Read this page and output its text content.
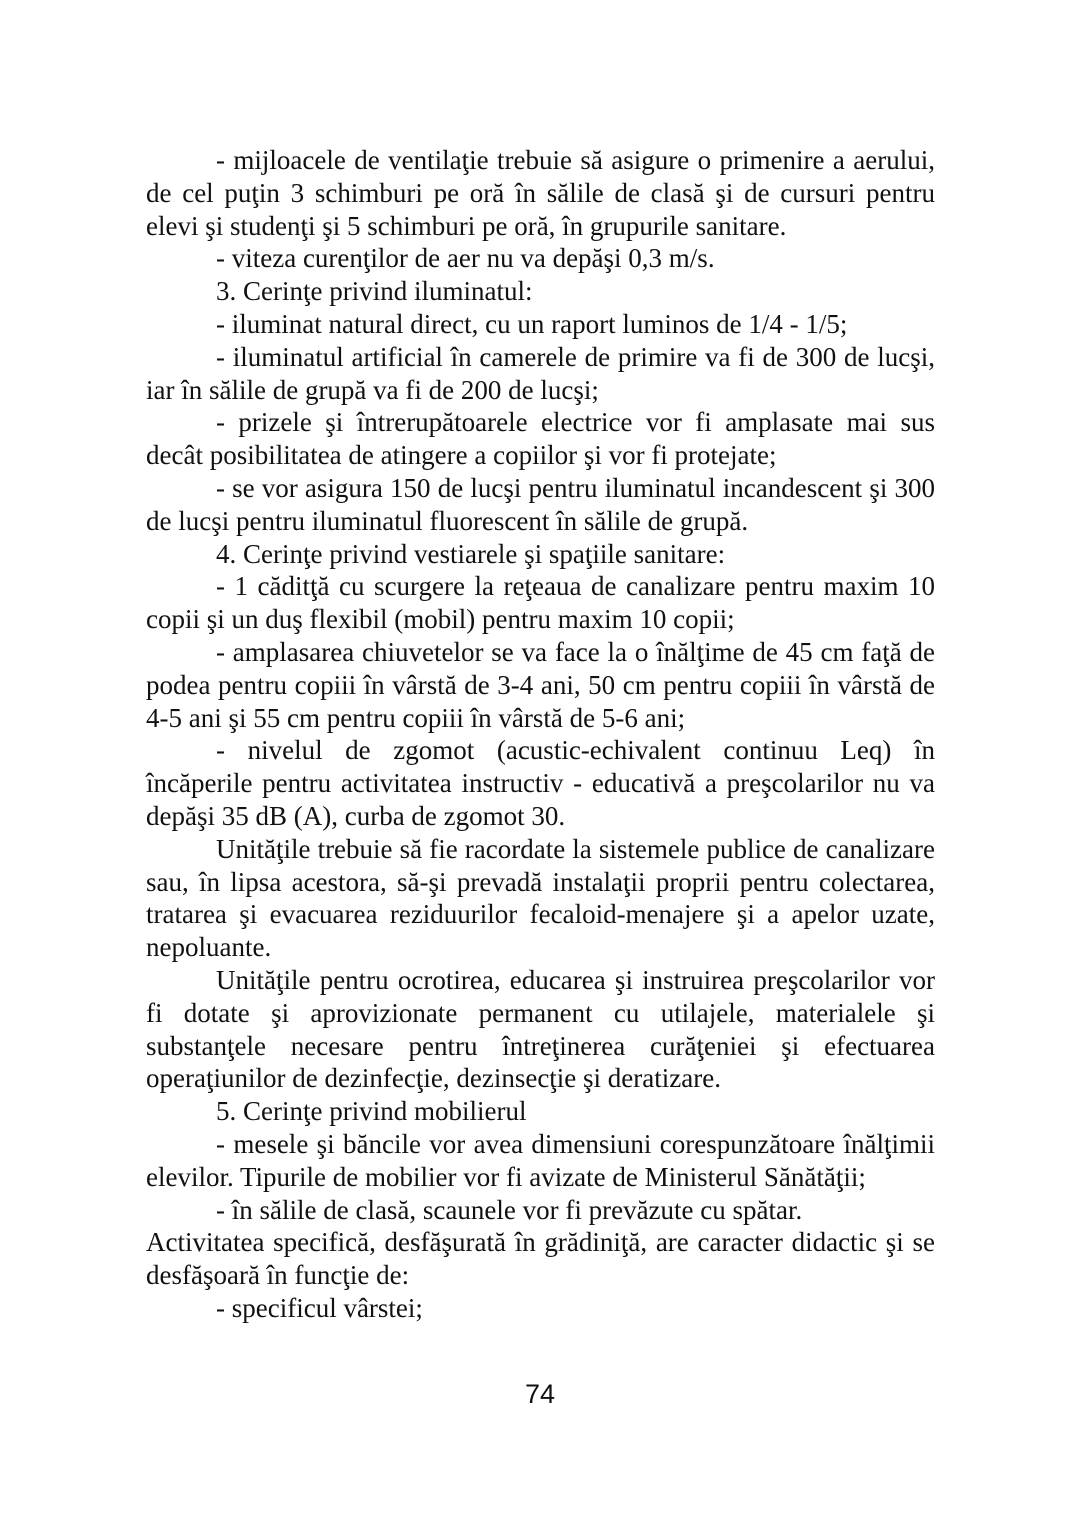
- mijloacele de ventilaţie trebuie să asigure o primenire a aerului, de cel puţin 3 schimburi pe oră în sălile de clasă şi de cursuri pentru elevi şi studenţi şi 5 schimburi pe oră, în grupurile sanitare.

- viteza curenţilor de aer nu va depăşi 0,3 m/s.

3. Cerinţe privind iluminatul:

- iluminat natural direct, cu un raport luminos de 1/4 - 1/5;

- iluminatul artificial în camerele de primire va fi de 300 de lucşi, iar în sălile de grupă va fi de 200 de lucşi;

- prizele şi întrerupătoarele electrice vor fi amplasate mai sus decât posibilitatea de atingere a copiilor şi vor fi protejate;

- se vor asigura 150 de lucşi pentru iluminatul incandescent şi 300 de lucşi pentru iluminatul fluorescent în sălile de grupă.

4. Cerinţe privind vestiarele şi spaţiile sanitare:

- 1 căditţă cu scurgere la reţeaua de canalizare pentru maxim 10 copii şi un duş flexibil (mobil) pentru maxim 10 copii;

- amplasarea chiuvetelor se va face la o înălţime de 45 cm faţă de podea pentru copiii în vârstă de 3-4 ani, 50 cm pentru copiii în vârstă de 4-5 ani şi 55 cm pentru copiii în vârstă de 5-6 ani;

- nivelul de zgomot (acustic-echivalent continuu Leq) în încăperile pentru activitatea instructiv - educativă a preşcolarilor nu va depăşi 35 dB (A), curba de zgomot 30.

Unităţile trebuie să fie racordate la sistemele publice de canalizare sau, în lipsa acestora, să-şi prevadă instalaţii proprii pentru colectarea, tratarea şi evacuarea reziduurilor fecaloid-menajere şi a apelor uzate, nepoluante.

Unităţile pentru ocrotirea, educarea şi instruirea preşcolarilor vor fi dotate şi aprovizionate permanent cu utilajele, materialele şi substanţele necesare pentru întreţinerea curăţeniei şi efectuarea operaţiunilor de dezinfecţie, dezinsecţie şi deratizare.

5. Cerinţe privind mobilierul

- mesele şi băncile vor avea dimensiuni corespunzătoare înălţimii elevilor. Tipurile de mobilier vor fi avizate de Ministerul Sănătăţii;

- în sălile de clasă, scaunele vor fi prevăzute cu spătar.

Activitatea specifică, desfăşurată în grădiniţă, are caracter didactic şi se desfăşoară în funcţie de:

- specificul vârstei;

74
